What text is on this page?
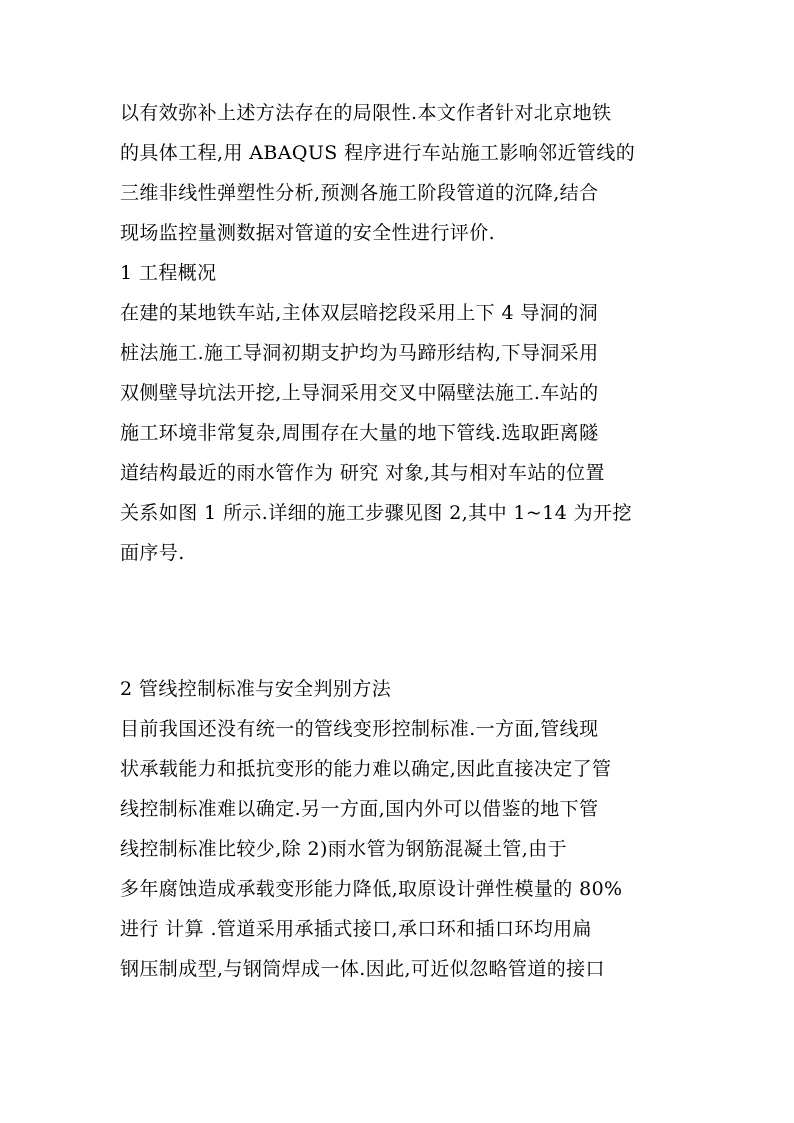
以有效弥补上述方法存在的局限性.本文作者针对北京地铁
的具体工程,用 ABAQUS 程序进行车站施工影响邻近管线的
三维非线性弹塑性分析,预测各施工阶段管道的沉降,结合
现场监控量测数据对管道的安全性进行评价.
1 工程概况
在建的某地铁车站,主体双层暗挖段采用上下 4 导洞的洞
桩法施工.施工导洞初期支护均为马蹄形结构,下导洞采用
双侧壁导坑法开挖,上导洞采用交叉中隔壁法施工.车站的
施工环境非常复杂,周围存在大量的地下管线.选取距离隧
道结构最近的雨水管作为 研究 对象,其与相对车站的位置
关系如图 1 所示.详细的施工步骤见图 2,其中 1~14 为开挖
面序号.
2 管线控制标准与安全判别方法
目前我国还没有统一的管线变形控制标准.一方面,管线现
状承载能力和抵抗变形的能力难以确定,因此直接决定了管
线控制标准难以确定.另一方面,国内外可以借鉴的地下管
线控制标准比较少,除 2)雨水管为钢筋混凝土管,由于
多年腐蚀造成承载变形能力降低,取原设计弹性模量的 80%
进行 计算 .管道采用承插式接口,承口环和插口环均用扁
钢压制成型,与钢筒焊成一体.因此,可近似忽略管道的接口
